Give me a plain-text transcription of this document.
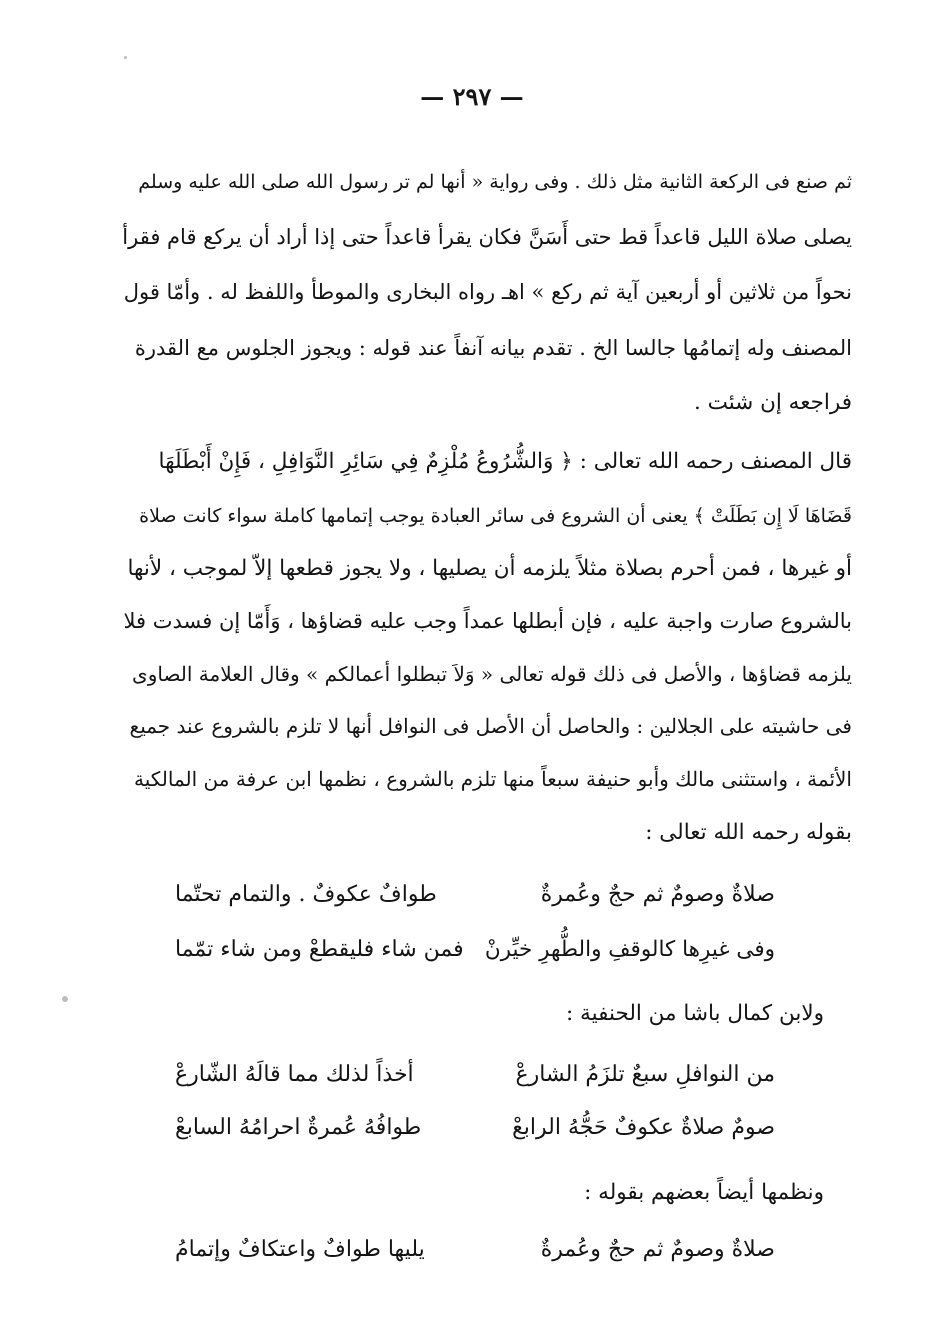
— ٢٩٧ —
ثم صنع فى الركعة الثانية مثل ذلك . وفى رواية « أنها لم تر رسول الله صلى الله عليه وسلم
يصلى صلاة الليل قاعداً قط حتى أَسَنَّ فكان يقرأ قاعداً حتى إذا أراد أن يركع قام فقرأ
نحواً من ثلاثين أو أربعين آية ثم ركع » اهـ رواه البخارى والموطأ واللفظ له . وأمّا قول
المصنف وله إتمامُها جالسا الخ . تقدم بيانه آنفاً عند قوله : ويجوز الجلوس مع القدرة
فراجعه إن شئت .
قال المصنف رحمه الله تعالى : ﴿ وَالشُّرُوعُ مُلْزِمٌ فِي سَائِرِ النَّوَافِلِ ، فَإِنْ أَبْطَلَهَا
قَضَاهَا لَا إِن بَطَلَتْ ﴾ يعنى أن الشروع فى سائر العبادة يوجب إتمامها كاملة سواء كانت صلاة
أو غيرها ، فمن أحرم بصلاة مثلاً يلزمه أن يصليها ، ولا يجوز قطعها إلاّ لموجب ، لأنها
بالشروع صارت واجبة عليه ، فإن أبطلها عمداً وجب عليه قضاؤها ، وَأَمّا إن فسدت فلا
يلزمه قضاؤها ، والأصل فى ذلك قوله تعالى « وَلاَ تبطلوا أعمالكم » وقال العلامة الصاوى
فى حاشيته على الجلالين : والحاصل أن الأصل فى النوافل أنها لا تلزم بالشروع عند جميع
الأئمة ، واستثنى مالك وأبو حنيفة سبعاً منها تلزم بالشروع ، نظمها ابن عرفة من المالكية
بقوله رحمه الله تعالى :
صلاةٌ وصومٌ ثم حجٌ وعُمرةٌ
طوافٌ عكوفٌ . والتمام تحتّما
وفى غيرِها كالوقفِ والطُّهرِ خيِّرنْ
فمن شاء فليقطعْ ومن شاء تمّما
ولابن كمال باشا من الحنفية :
من النوافلِ سبعٌ تلزَمُ الشارعْ
أخذاً لذلك مما قالَهُ الشّارعْ
صومٌ صلاةٌ عكوفٌ حَجُّهُ الرابعْ
طوافُهُ عُمرةٌ احرامُهُ السابعْ
ونظمها أيضاً بعضهم بقوله :
صلاةٌ وصومٌ ثم حجٌ وعُمرةٌ
يليها طوافٌ واعتكافٌ وإتمامُ
